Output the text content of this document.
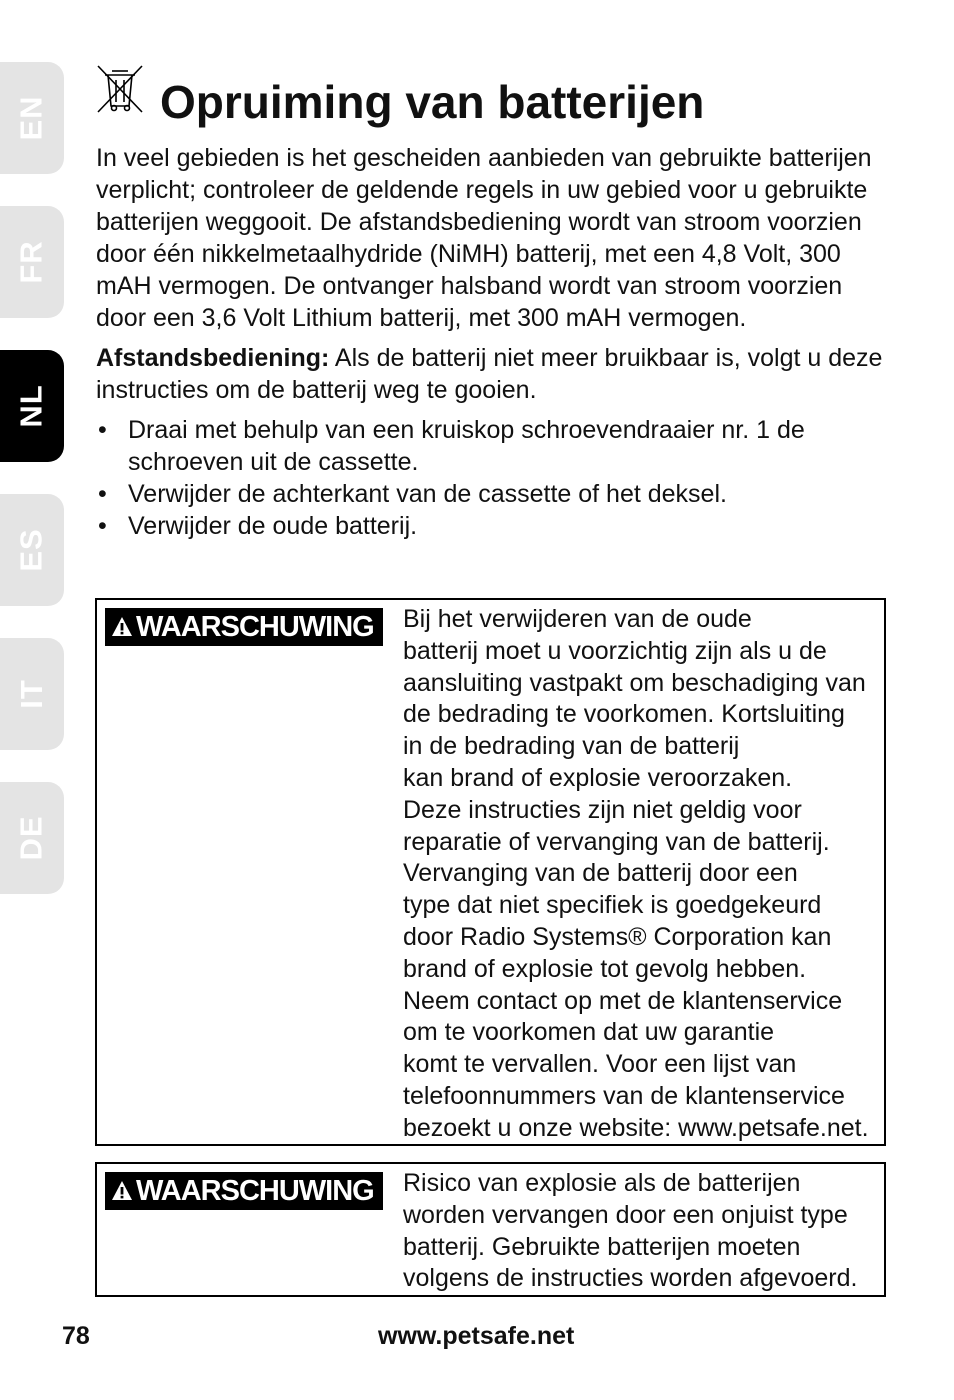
EN
FR
NL
ES
IT
DE
Opruiming van batterijen

In veel gebieden is het gescheiden aanbieden van gebruikte batterijen verplicht; controleer de geldende regels in uw gebied voor u gebruikte batterijen weggooit. De afstandsbediening wordt van stroom voorzien door één nikkelmetaalhydride (NiMH) batterij, met een 4,8 Volt, 300 mAH vermogen. De ontvanger halsband wordt van stroom voorzien door een 3,6 Volt Lithium batterij, met 300 mAH vermogen.

Afstandsbediening: Als de batterij niet meer bruikbaar is, volgt u deze instructies om de batterij weg te gooien.

• Draai met behulp van een kruiskop schroevendraaier nr. 1 de schroeven uit de cassette.
• Verwijder de achterkant van de cassette of het deksel.
• Verwijder de oude batterij.
WAARSCHUWING Bij het verwijderen van de oude
batterij moet u voorzichtig zijn als u de
aansluiting vastpakt om beschadiging van
de bedrading te voorkomen. Kortsluiting
in de bedrading van de batterij
kan brand of explosie veroorzaken.
Deze instructies zijn niet geldig voor
reparatie of vervanging van de batterij.
Vervanging van de batterij door een
type dat niet specifiek is goedgekeurd
door Radio Systems® Corporation kan
brand of explosie tot gevolg hebben.
Neem contact op met de klantenservice
om te voorkomen dat uw garantie
komt te vervallen. Voor een lijst van
telefoonnummers van de klantenservice
bezoekt u onze website: www.petsafe.net.
WAARSCHUWING Risico van explosie als de batterijen
worden vervangen door een onjuist type
batterij. Gebruikte batterijen moeten
volgens de instructies worden afgevoerd.
78	www.petsafe.net
